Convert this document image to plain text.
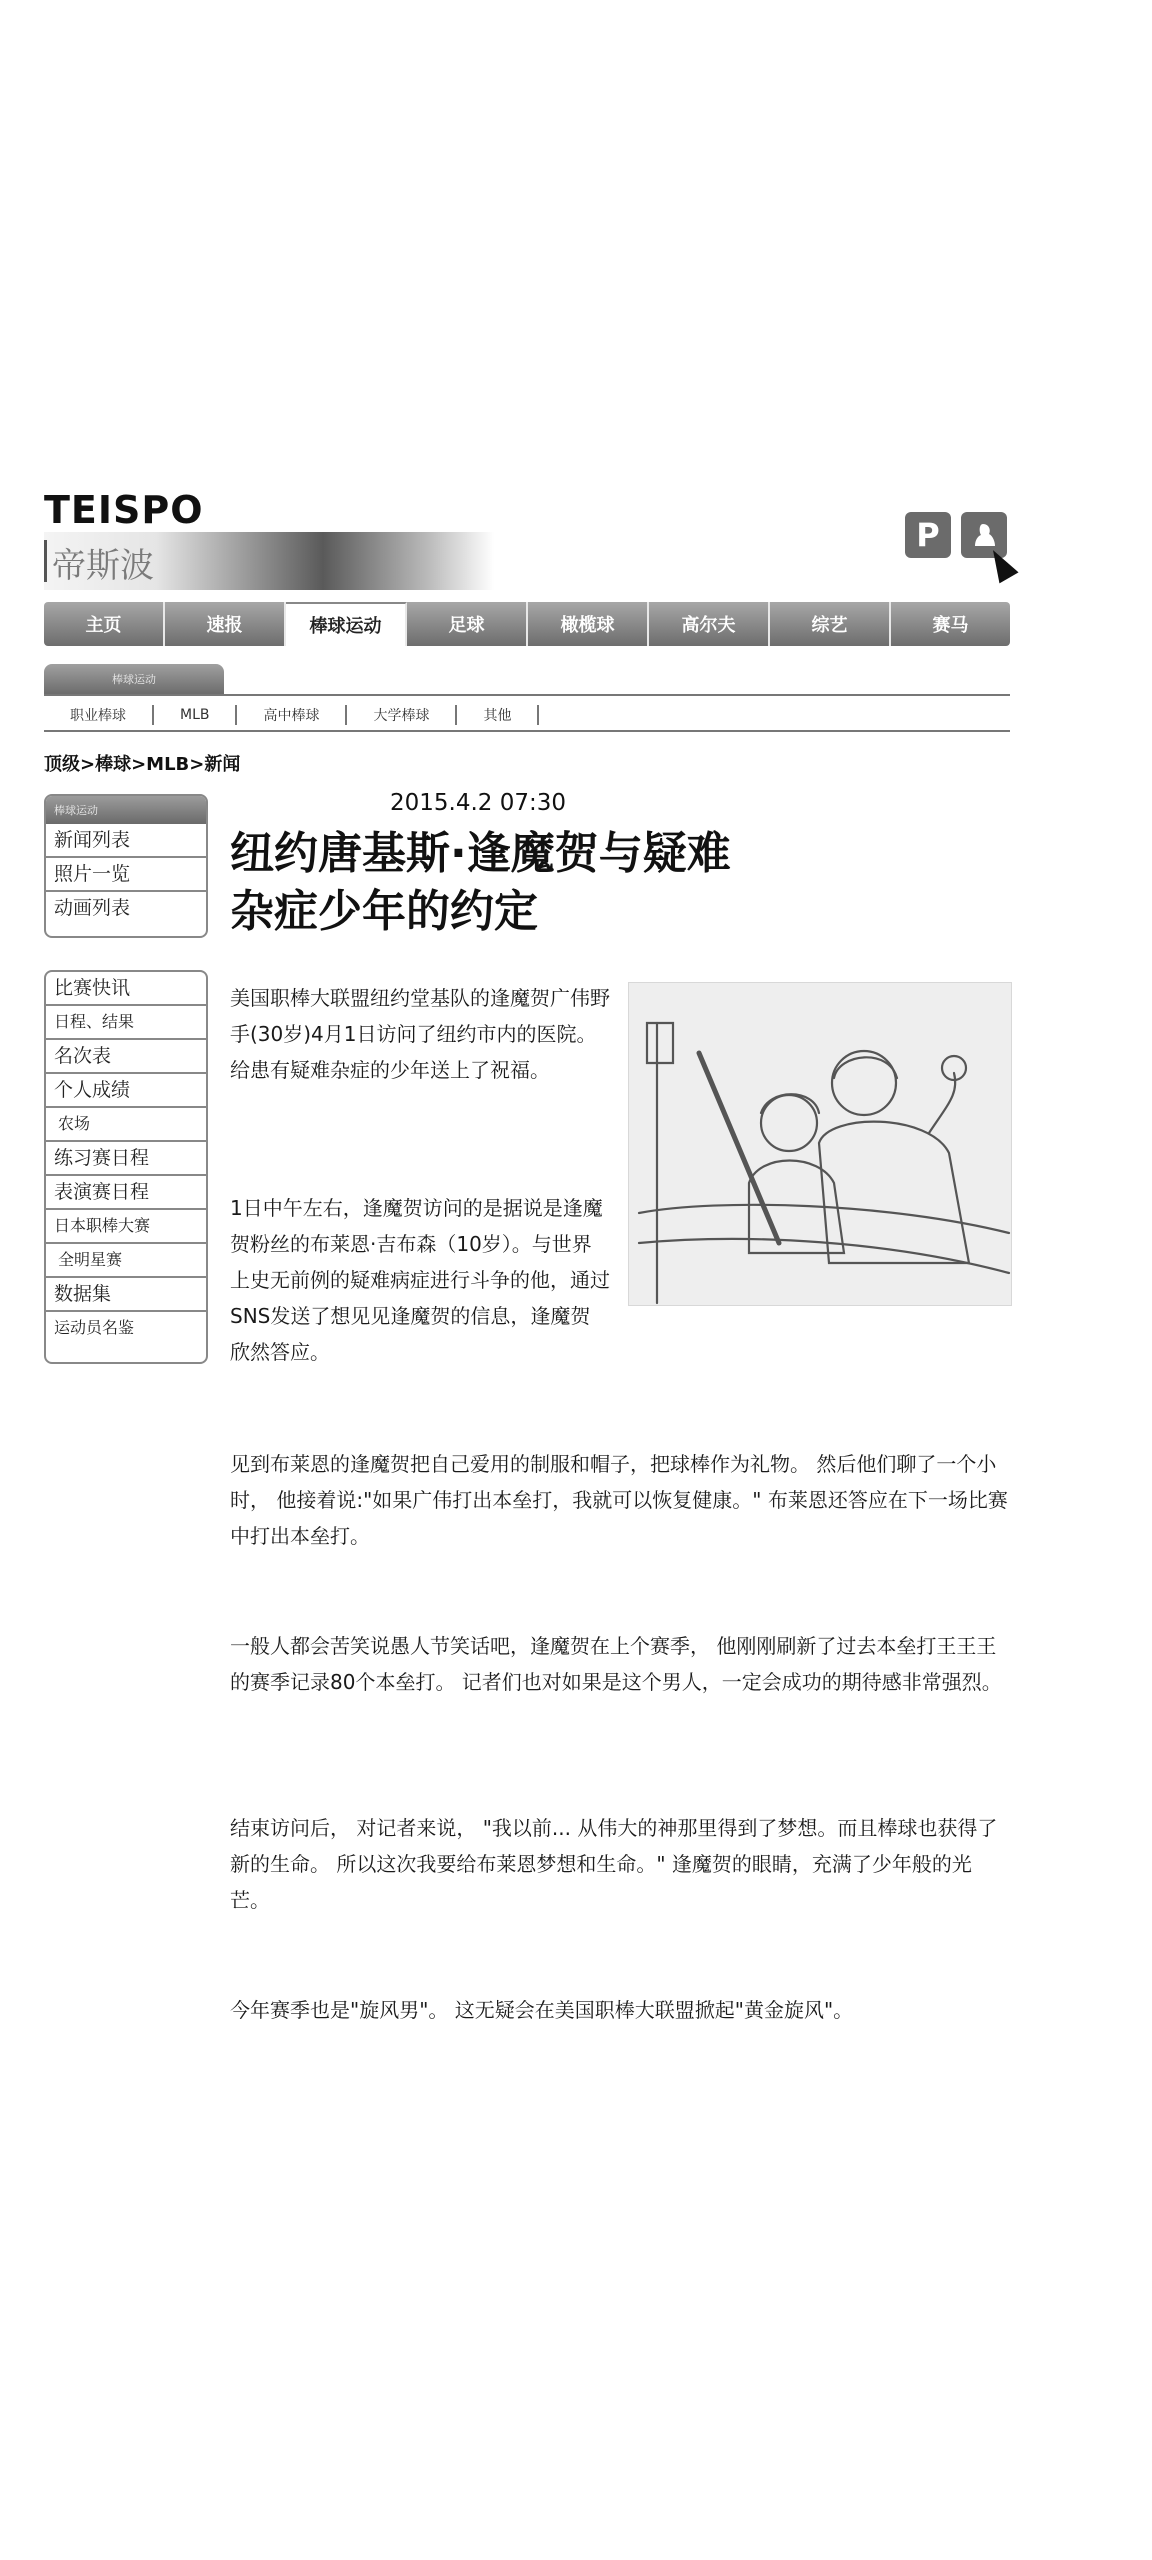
TEISPO
帝斯波
P
主页	速报	棒球运动	足球	橄榄球	高尔夫	综艺	赛马
棒球运动
职业棒球	MLB	高中棒球	大学棒球	其他
顶级>棒球>MLB>新闻
棒球运动
新闻列表
照片一览
动画列表
比赛快讯
日程、结果
名次表
个人成绩
农场
练习赛日程
表演赛日程
日本职棒大赛
全明星赛
数据集
运动员名鉴
2015.4.2 07:30
纽约唐基斯·逢魔贺与疑难
杂症少年的约定
美国职棒大联盟纽约堂基队的逢魔贺广伟野手(30岁)4月1日访问了纽约市内的医院。给患有疑难杂症的少年送上了祝福。
1日中午左右，逢魔贺访问的是据说是逢魔贺粉丝的布莱恩·吉布森（10岁）。与世界上史无前例的疑难病症进行斗争的他，通过SNS发送了想见见逢魔贺的信息，逢魔贺欣然答应。
见到布莱恩的逢魔贺把自己爱用的制服和帽子，把球棒作为礼物。 然后他们聊了一个小时， 他接着说:"如果广伟打出本垒打，我就可以恢复健康。" 布莱恩还答应在下一场比赛中打出本垒打。
一般人都会苦笑说愚人节笑话吧，逢魔贺在上个赛季， 他刚刚刷新了过去本垒打王王王的赛季记录80个本垒打。 记者们也对如果是这个男人，一定会成功的期待感非常强烈。
结束访问后， 对记者来说， "我以前... 从伟大的神那里得到了梦想。而且棒球也获得了新的生命。 所以这次我要给布莱恩梦想和生命。" 逢魔贺的眼睛，充满了少年般的光芒。
今年赛季也是"旋风男"。 这无疑会在美国职棒大联盟掀起"黄金旋风"。
